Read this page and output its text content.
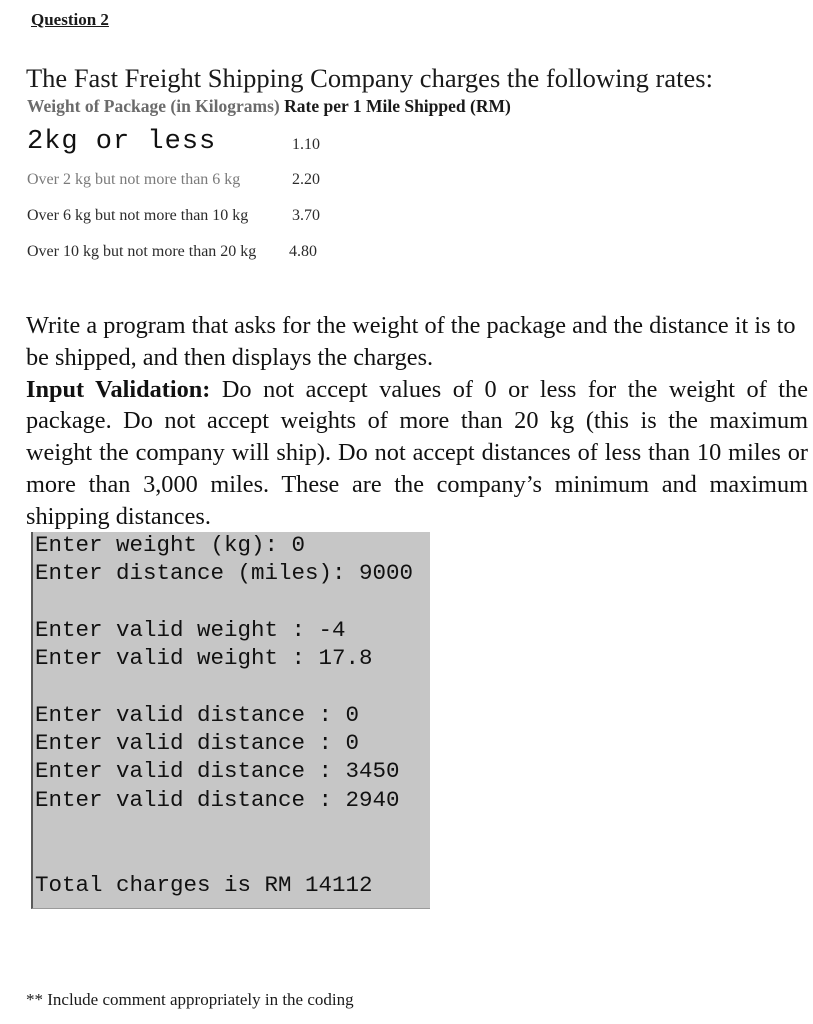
Question 2
The Fast Freight Shipping Company charges the following rates:
Weight of Package (in Kilograms) Rate per 1 Mile Shipped (RM)
2kg or less	1.10
Over 2 kg but not more than 6 kg	2.20
Over 6 kg but not more than 10 kg	3.70
Over 10 kg but not more than 20 kg 4.80

Write a program that asks for the weight of the package and the distance it is to be shipped, and then displays the charges.

Input Validation: Do not accept values of 0 or less for the weight of the package. Do not accept weights of more than 20 kg (this is the maximum weight the company will ship). Do not accept distances of less than 10 miles or more than 3,000 miles. These are the company’s minimum and maximum shipping distances.

Enter weight (kg): 0
Enter distance (miles): 9000
Enter valid weight : -4
Enter valid weight : 17.8
Enter valid distance : 0
Enter valid distance : 0
Enter valid distance : 3450
Enter valid distance : 2940
Total charges is RM 14112
** Include comment appropriately in the coding
